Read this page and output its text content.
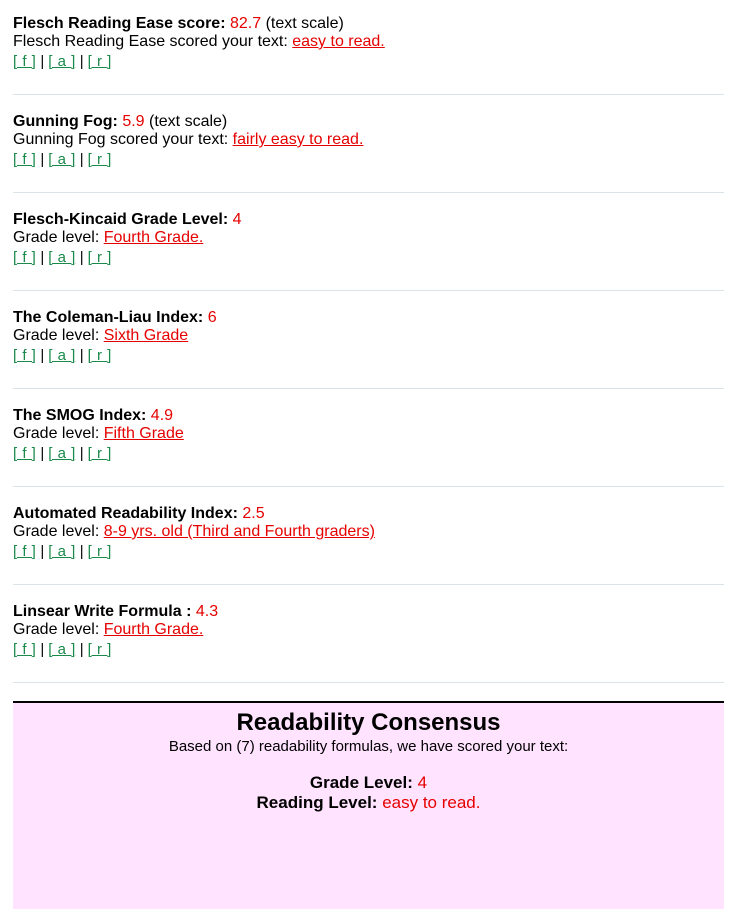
Flesch Reading Ease score: 82.7 (text scale)
Flesch Reading Ease scored your text: easy to read.
[ f ] | [ a ] | [ r ]
Gunning Fog: 5.9 (text scale)
Gunning Fog scored your text: fairly easy to read.
[ f ] | [ a ] | [ r ]
Flesch-Kincaid Grade Level: 4
Grade level: Fourth Grade.
[ f ] | [ a ] | [ r ]
The Coleman-Liau Index: 6
Grade level: Sixth Grade
[ f ] | [ a ] | [ r ]
The SMOG Index: 4.9
Grade level: Fifth Grade
[ f ] | [ a ] | [ r ]
Automated Readability Index: 2.5
Grade level: 8-9 yrs. old (Third and Fourth graders)
[ f ] | [ a ] | [ r ]
Linsear Write Formula : 4.3
Grade level: Fourth Grade.
[ f ] | [ a ] | [ r ]
Readability Consensus
Based on (7) readability formulas, we have scored your text:
Grade Level: 4
Reading Level: easy to read.
